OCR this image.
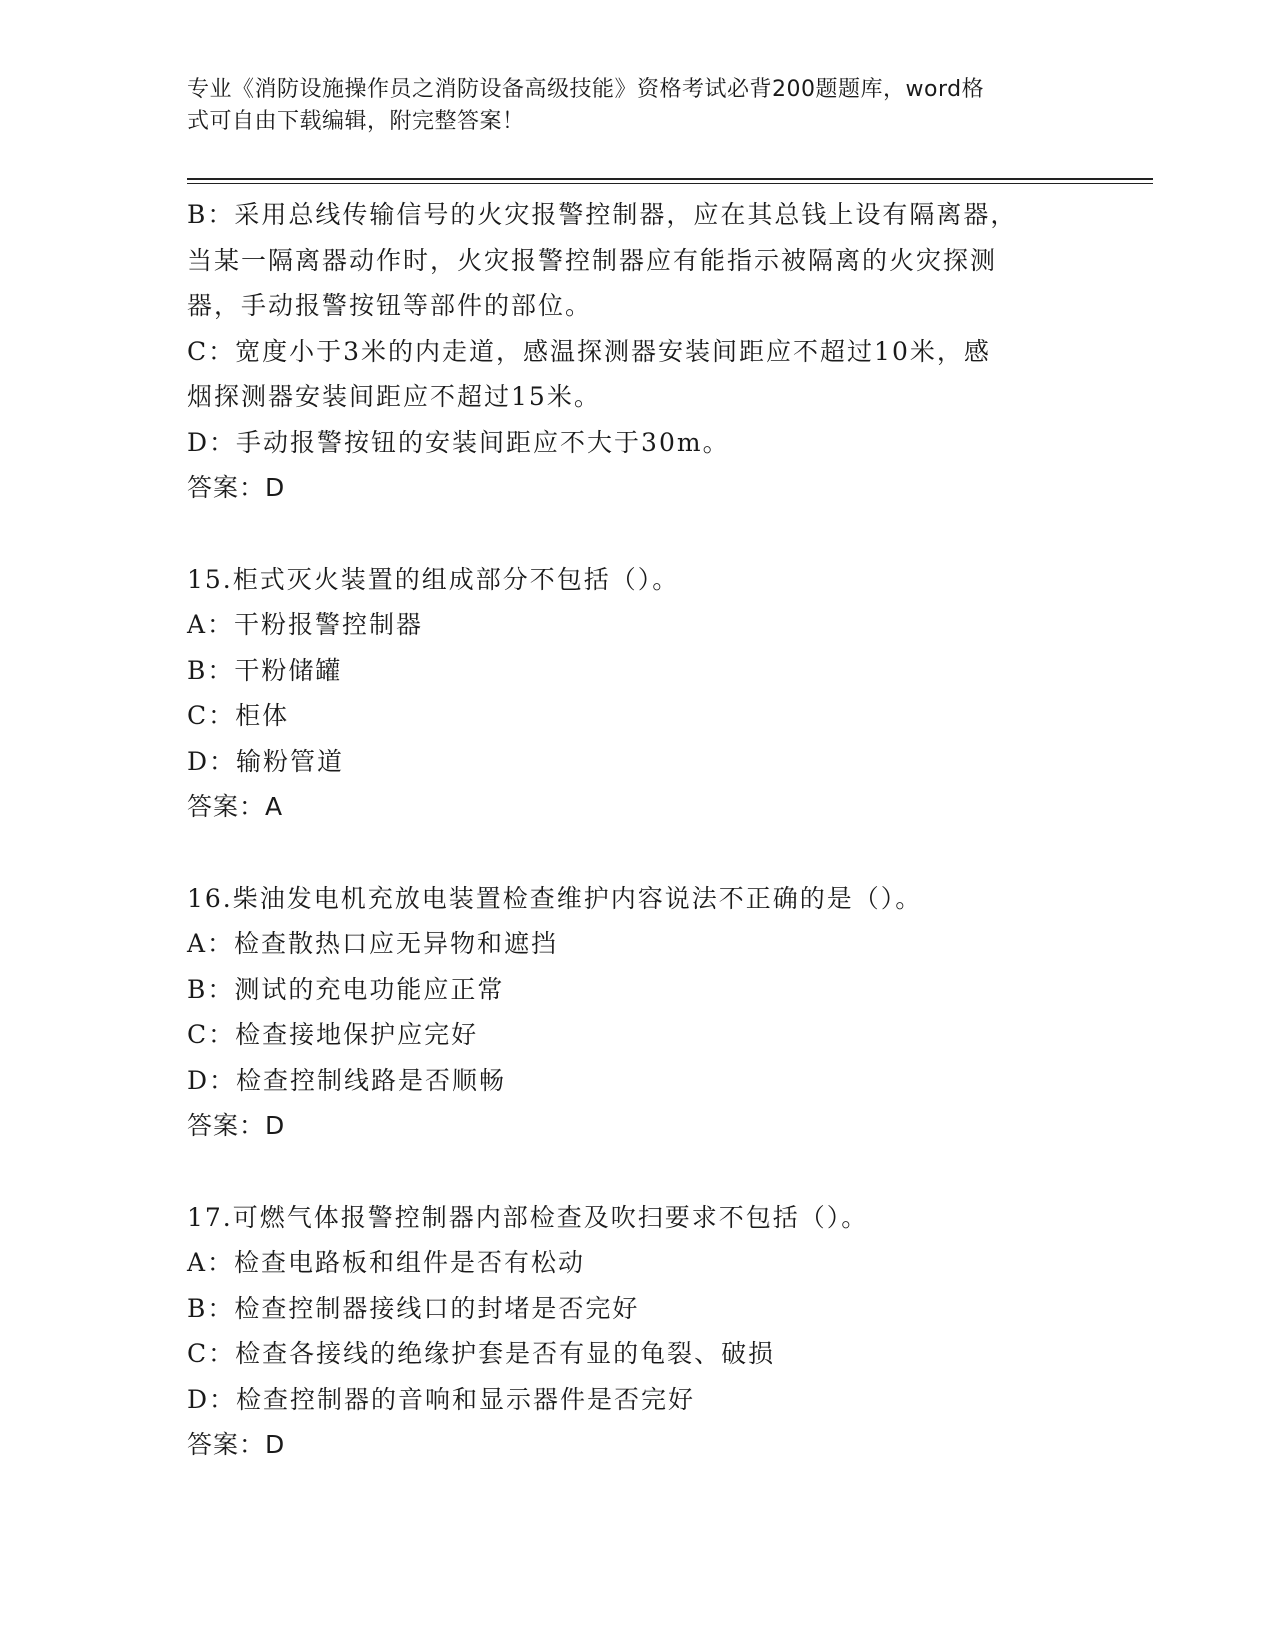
专业《消防设施操作员之消防设备高级技能》资格考试必背200题题库，word格
式可自由下载编辑，附完整答案！
B：采用总线传输信号的火灾报警控制器，应在其总钱上设有隔离器，
当某一隔离器动作时，火灾报警控制器应有能指示被隔离的火灾探测
器，手动报警按钮等部件的部位。
C：宽度小于3米的内走道，感温探测器安装间距应不超过10米，感
烟探测器安装间距应不超过15米。
D：手动报警按钮的安装间距应不大于30m。
答案：D
15.柜式灭火装置的组成部分不包括（）。
A：干粉报警控制器
B：干粉储罐
C：柜体
D：输粉管道
答案：A
16.柴油发电机充放电装置检查维护内容说法不正确的是（）。
A：检查散热口应无异物和遮挡
B：测试的充电功能应正常
C：检查接地保护应完好
D：检查控制线路是否顺畅
答案：D
17.可燃气体报警控制器内部检查及吹扫要求不包括（）。
A：检查电路板和组件是否有松动
B：检查控制器接线口的封堵是否完好
C：检查各接线的绝缘护套是否有显的龟裂、破损
D：检查控制器的音响和显示器件是否完好
答案：D
